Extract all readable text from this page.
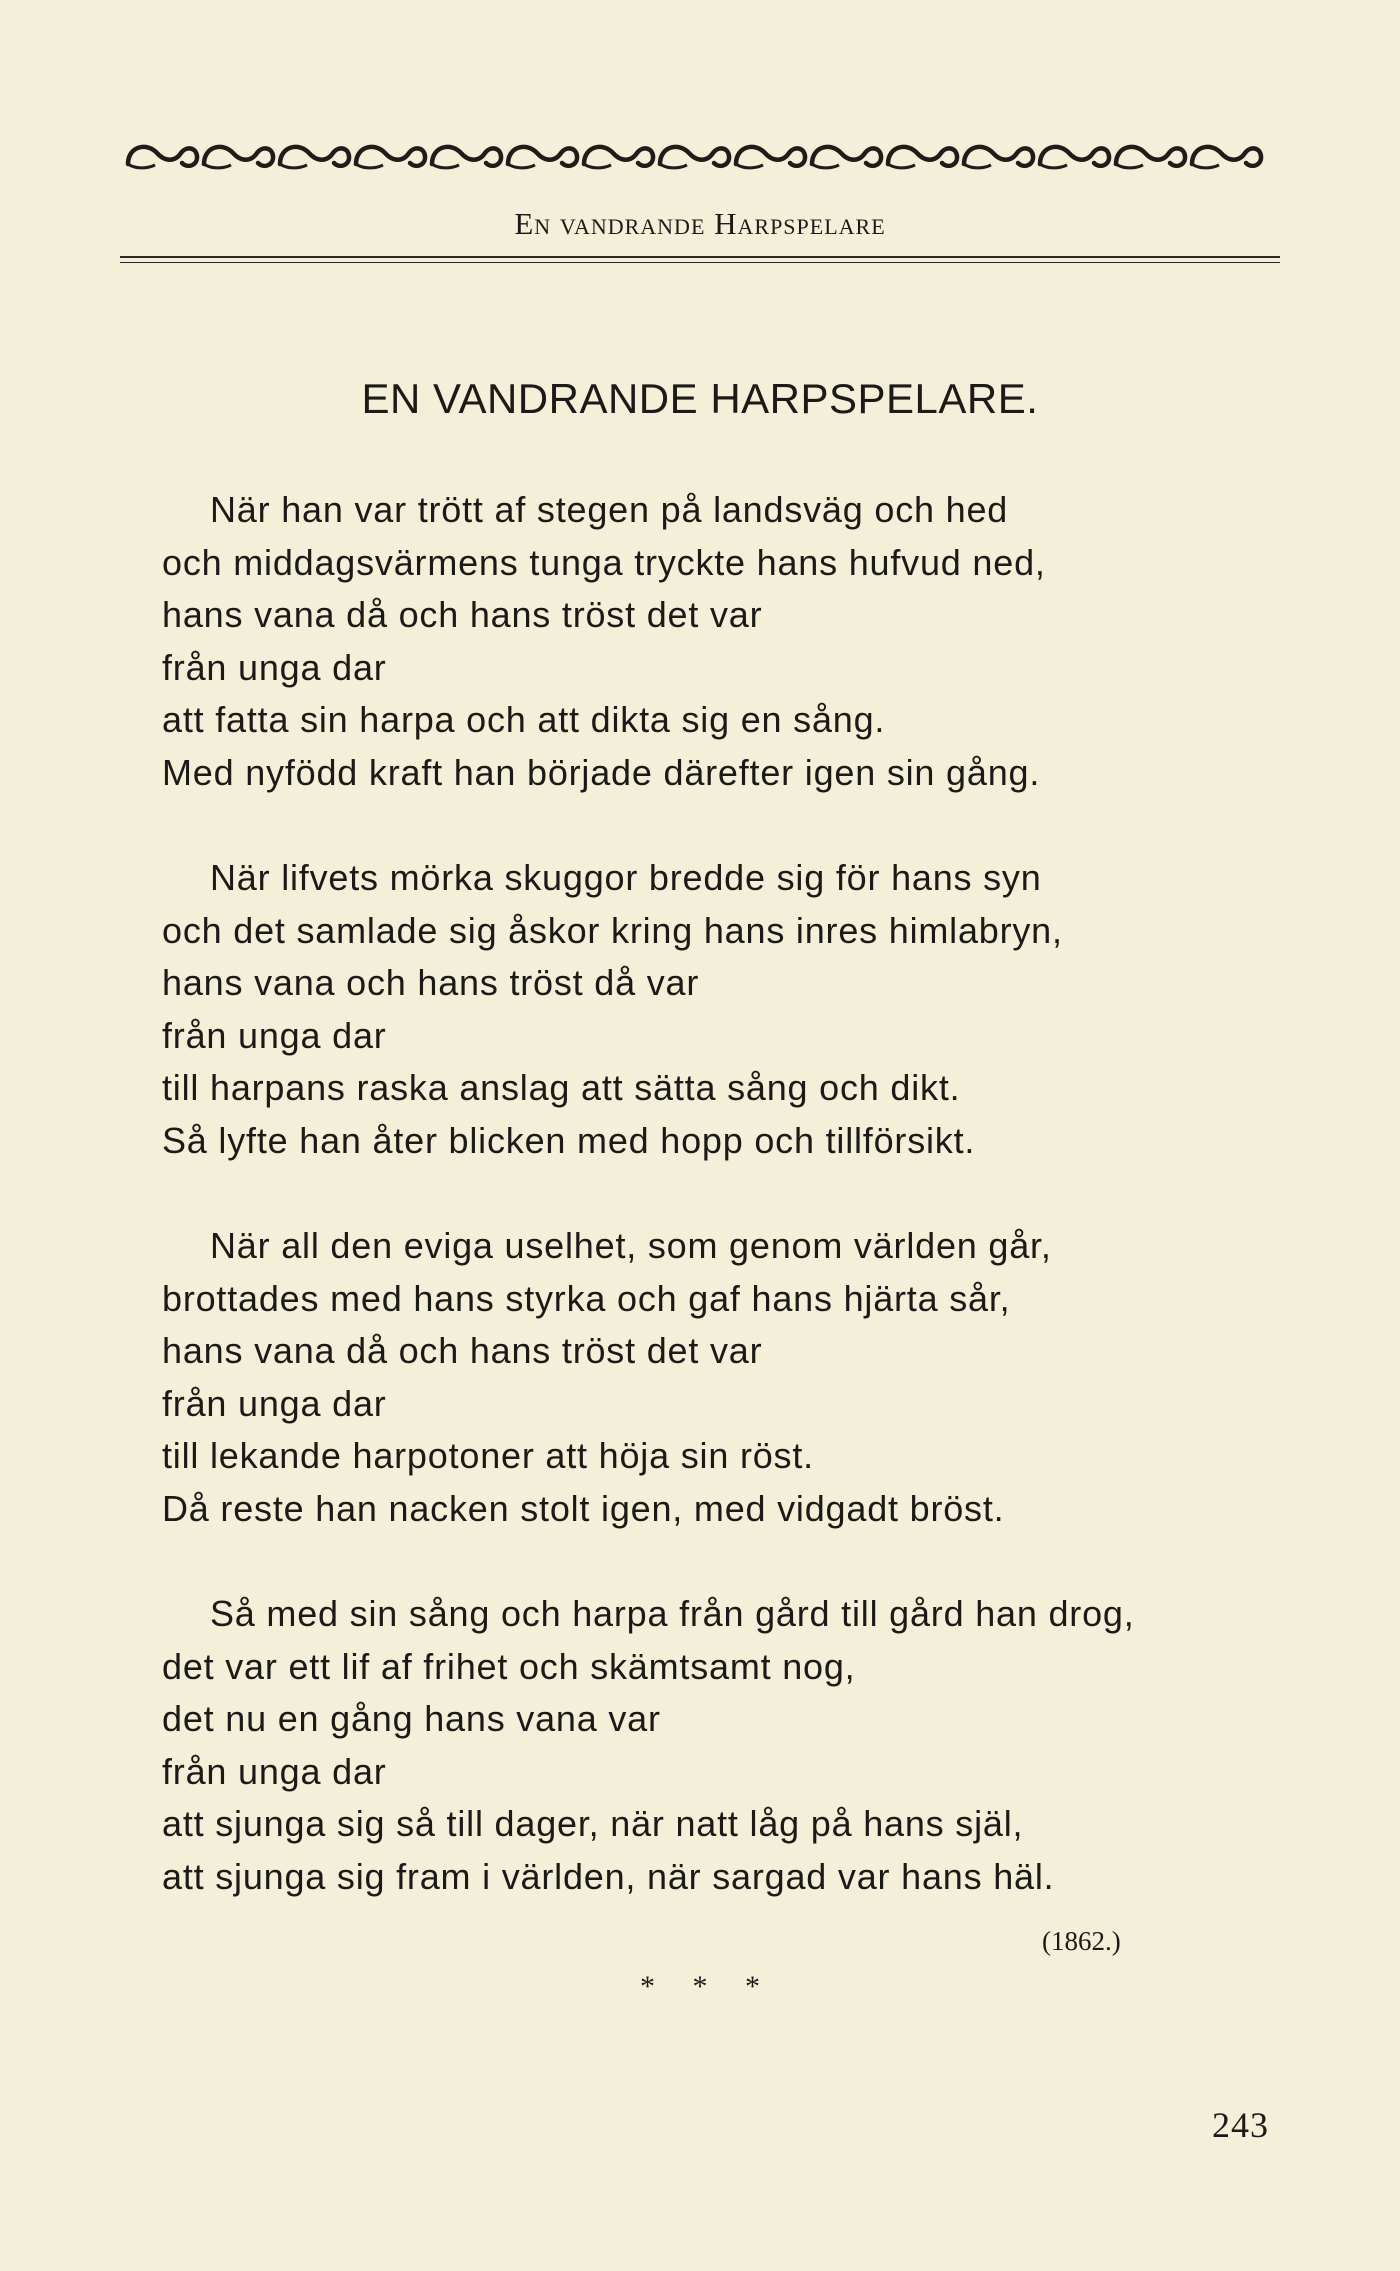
En vandrande Harpspelare
EN VANDRANDE HARPSPELARE.
När han var trött af stegen på landsväg och hed
och middagsvärmens tunga tryckte hans hufvud ned,
hans vana då och hans tröst det var
från unga dar
att fatta sin harpa och att dikta sig en sång.
Med nyfödd kraft han började därefter igen sin gång.
När lifvets mörka skuggor bredde sig för hans syn
och det samlade sig åskor kring hans inres himlabryn,
hans vana och hans tröst då var
från unga dar
till harpans raska anslag att sätta sång och dikt.
Så lyfte han åter blicken med hopp och tillförsikt.
När all den eviga uselhet, som genom världen går,
brottades med hans styrka och gaf hans hjärta sår,
hans vana då och hans tröst det var
från unga dar
till lekande harpotoner att höja sin röst.
Då reste han nacken stolt igen, med vidgadt bröst.
Så med sin sång och harpa från gård till gård han drog,
det var ett lif af frihet och skämtsamt nog,
det nu en gång hans vana var
från unga dar
att sjunga sig så till dager, när natt låg på hans själ,
att sjunga sig fram i världen, när sargad var hans häl.
(1862.)
* * *
243
